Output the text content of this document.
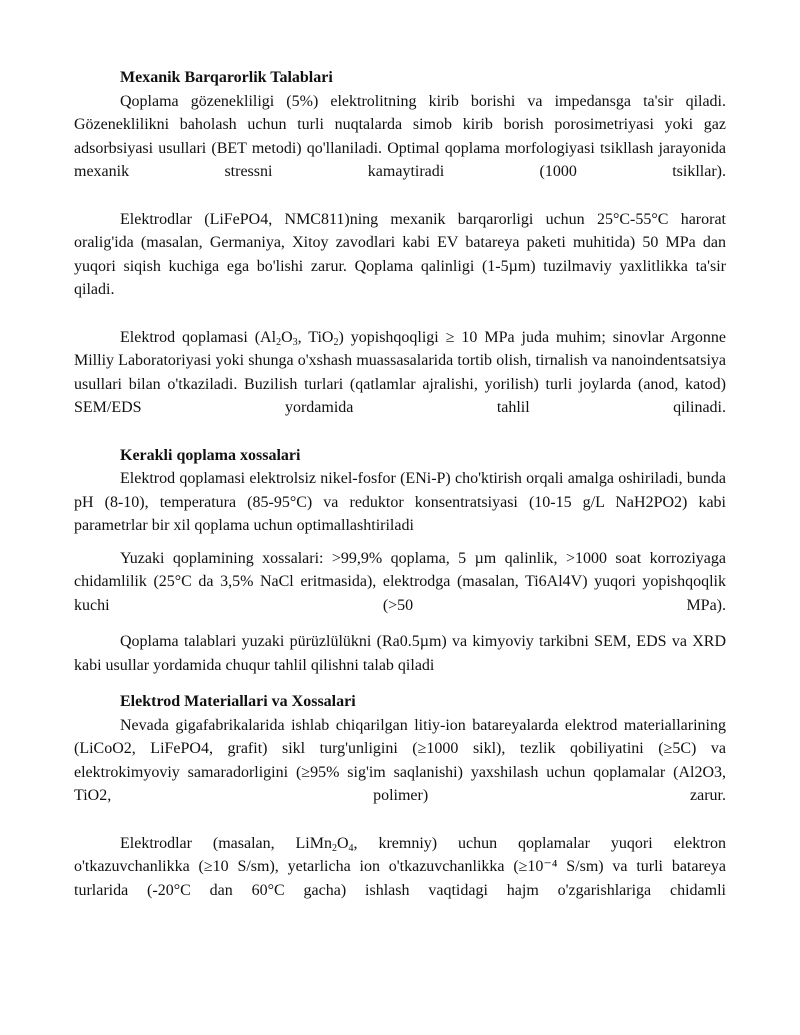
Mexanik Barqarorlik Talablari

Qoplama gözenekliligi (5%) elektrolitning kirib borishi va impedansga ta'sir qiladi. Gözeneklilikni baholash uchun turli nuqtalarda simob kirib borish porosimetriyasi yoki gaz adsorbsiyasi usullari (BET metodi) qo'llaniladi. Optimal qoplama morfologiyasi tsikllash jarayonida mexanik stressni kamaytiradi (1000 tsikllar).

Elektrodlar (LiFePO4, NMC811)ning mexanik barqarorligi uchun 25°C-55°C harorat oralig'ida (masalan, Germaniya, Xitoy zavodlari kabi EV batareya paketi muhitida) 50 MPa dan yuqori siqish kuchiga ega bo'lishi zarur. Qoplama qalinligi (1-5µm) tuzilmaviy yaxlitlikka ta'sir qiladi.

Elektrod qoplamasi ($Al_2O_3$, TiO$_2$) yopishqoqligi ≥ 10 MPa juda muhim; sinovlar Argonne Milliy Laboratoriyasi yoki shunga o'xshash muassasalarida tortib olish, tirnalish va nanoindentsatsiya usullari bilan o'tkaziladi. Buzilish turlari (qatlamlar ajralishi, yorilish) turli joylarda (anod, katod) SEM/EDS yordamida tahlil qilinadi.

Kerakli qoplama xossalari

Elektrod qoplamasi elektrolsiz nikel-fosfor (ENi-P) cho'ktirish orqali amalga oshiriladi, bunda pH (8-10), temperatura (85-95°C) va reduktor konsentratsiyasi (10-15 g/L NaH2PO2) kabi parametrlar bir xil qoplama uchun optimallashtiriladi

Yuzaki qoplamining xossalari: >99,9% qoplama, 5 µm qalinlik, >1000 soat korroziyaga chidamlilik (25°C da 3,5% NaCl eritmasida), elektrodga (masalan, Ti6Al4V) yuqori yopishqoqlik kuchi (>50 MPa).

Qoplama talablari yuzaki pürüzlülükni (Ra0.5µm) va kimyoviy tarkibni SEM, EDS va XRD kabi usullar yordamida chuqur tahlil qilishni talab qiladi

Elektrod Materiallari va Xossalari

Nevada gigafabrikalarida ishlab chiqarilgan litiy-ion batareyalarda elektrod materiallarining (LiCoO2, LiFePO4, grafit) sikl turg'unligini (≥1000 sikl), tezlik qobiliyatini (≥5C) va elektrokimyoviy samaradorligini (≥95% sig'im saqlanishi) yaxshilash uchun qoplamalar (Al2O3, TiO2, polimer) zarur.

Elektrodlar (masalan, $LiMn_2O_4$, kremniy) uchun qoplamalar yuqori elektron o'tkazuvchanlikka (≥10 S/sm), yetarlicha ion o'tkazuvchanlikka (≥10⁻⁴ S/sm) va turli batareya turlarida (-20°C dan 60°C gacha) ishlash vaqtidagi hajm o'zgarishlariga chidamli
